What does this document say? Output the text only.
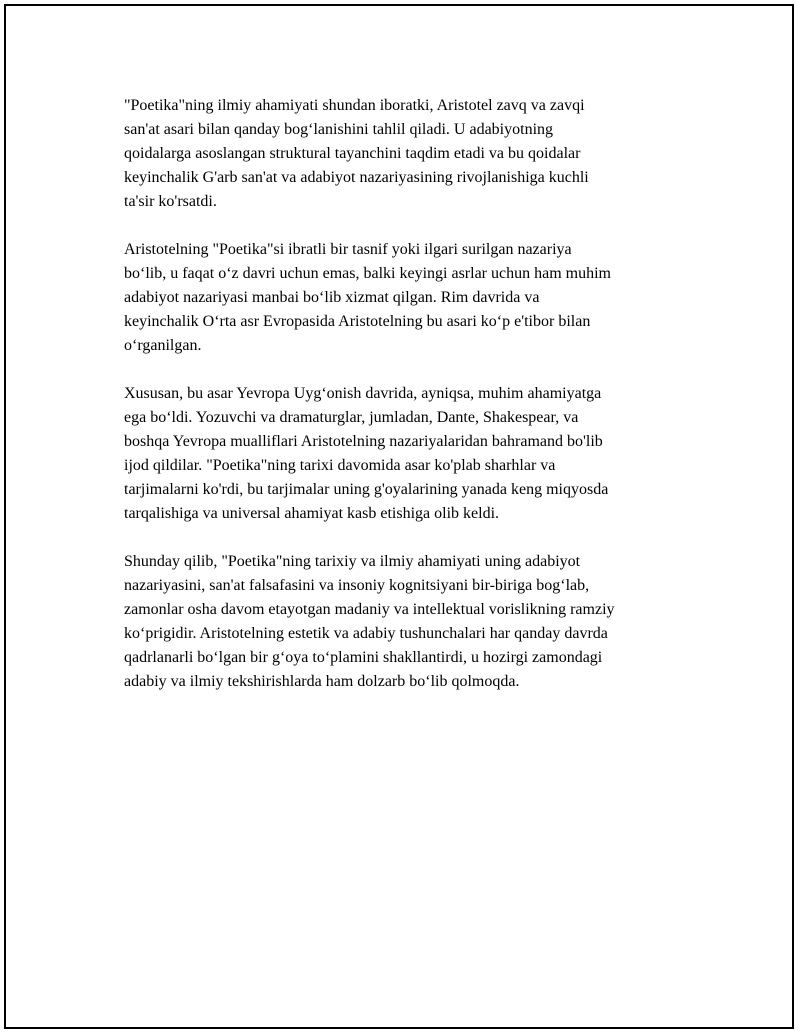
"Poetika"ning ilmiy ahamiyati shundan iboratki, Aristotel zavq va zavqi
san'at asari bilan qanday bog‘lanishini tahlil qiladi. U adabiyotning
qoidalarga asoslangan struktural tayanchini taqdim etadi va bu qoidalar
keyinchalik G'arb san'at va adabiyot nazariyasining rivojlanishiga kuchli
ta'sir ko'rsatdi.

Aristotelning "Poetika"si ibratli bir tasnif yoki ilgari surilgan nazariya
bo‘lib, u faqat o‘z davri uchun emas, balki keyingi asrlar uchun ham muhim
adabiyot nazariyasi manbai bo‘lib xizmat qilgan. Rim davrida va
keyinchalik O‘rta asr Evropasida Aristotelning bu asari ko‘p e'tibor bilan
o‘rganilgan.

Xususan, bu asar Yevropa Uyg‘onish davrida, ayniqsa, muhim ahamiyatga
ega bo‘ldi. Yozuvchi va dramaturglar, jumladan, Dante, Shakespear, va
boshqa Yevropa mualliflari Aristotelning nazariyalaridan bahramand bo'lib
ijod qildilar. "Poetika"ning tarixi davomida asar ko'plab sharhlar va
tarjimalarni ko'rdi, bu tarjimalar uning g'oyalarining yanada keng miqyosda
tarqalishiga va universal ahamiyat kasb etishiga olib keldi.

Shunday qilib, "Poetika"ning tarixiy va ilmiy ahamiyati uning adabiyot
nazariyasini, san'at falsafasini va insoniy kognitsiyani bir-biriga bog‘lab,
zamonlar osha davom etayotgan madaniy va intellektual vorislikning ramziy
ko‘prigidir. Aristotelning estetik va adabiy tushunchalari har qanday davrda
qadrlanarli bo‘lgan bir g‘oya to‘plamini shakllantirdi, u hozirgi zamondagi
adabiy va ilmiy tekshirishlarda ham dolzarb bo‘lib qolmoqda.
